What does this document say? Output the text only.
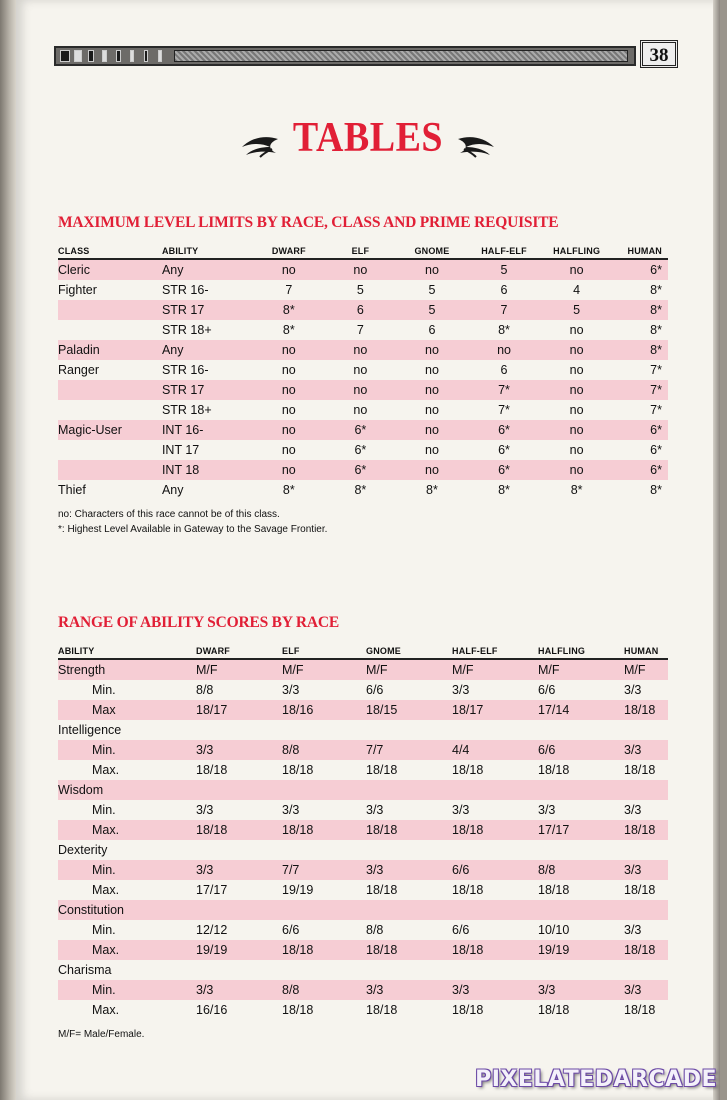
38
TABLES
MAXIMUM LEVEL LIMITS BY RACE, CLASS AND PRIME REQUISITE
CLASS	ABILITY	DWARF	ELF	GNOME	HALF-ELF	HALFLING	HUMAN
Cleric	Any	no	no	no	5	no	6*
Fighter	STR 16-	7	5	5	6	4	8*
	STR 17	8*	6	5	7	5	8*
	STR 18+	8*	7	6	8*	no	8*
Paladin	Any	no	no	no	no	no	8*
Ranger	STR 16-	no	no	no	6	no	7*
	STR 17	no	no	no	7*	no	7*
	STR 18+	no	no	no	7*	no	7*
Magic-User	INT 16-	no	6*	no	6*	no	6*
	INT 17	no	6*	no	6*	no	6*
	INT 18	no	6*	no	6*	no	6*
Thief	Any	8*	8*	8*	8*	8*	8*
no: Characters of this race cannot be of this class.
*: Highest Level Available in Gateway to the Savage Frontier.
RANGE OF ABILITY SCORES BY RACE
ABILITY	DWARF	ELF	GNOME	HALF-ELF	HALFLING	HUMAN
Strength	M/F	M/F	M/F	M/F	M/F	M/F
Min.	8/8	3/3	6/6	3/3	6/6	3/3
Max	18/17	18/16	18/15	18/17	17/14	18/18
Intelligence						
Min.	3/3	8/8	7/7	4/4	6/6	3/3
Max.	18/18	18/18	18/18	18/18	18/18	18/18
Wisdom						
Min.	3/3	3/3	3/3	3/3	3/3	3/3
Max.	18/18	18/18	18/18	18/18	17/17	18/18
Dexterity						
Min.	3/3	7/7	3/3	6/6	8/8	3/3
Max.	17/17	19/19	18/18	18/18	18/18	18/18
Constitution						
Min.	12/12	6/6	8/8	6/6	10/10	3/3
Max.	19/19	18/18	18/18	18/18	19/19	18/18
Charisma						
Min.	3/3	8/8	3/3	3/3	3/3	3/3
Max.	16/16	18/18	18/18	18/18	18/18	18/18
M/F= Male/Female.
PIXELATEDARCADE
